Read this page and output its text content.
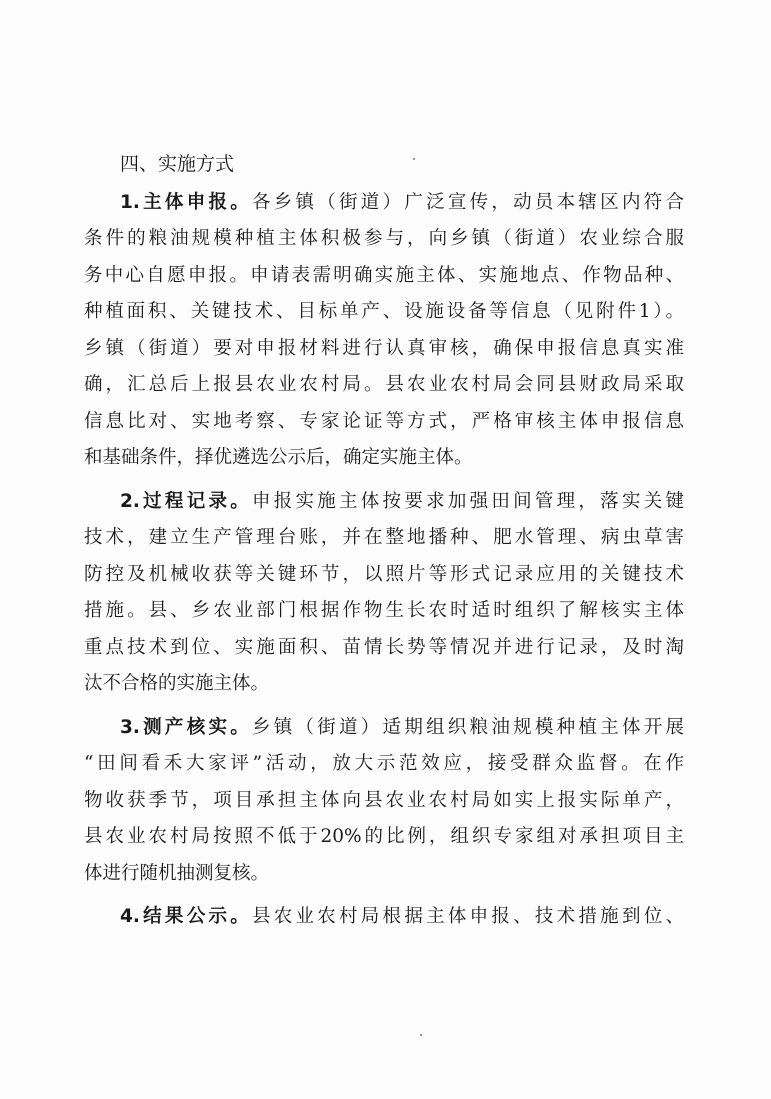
四、实施方式
1.主体申报。各乡镇（街道）广泛宣传，动员本辖区内符合
条件的粮油规模种植主体积极参与，向乡镇（街道）农业综合服
务中心自愿申报。申请表需明确实施主体、实施地点、作物品种、
种植面积、关键技术、目标单产、设施设备等信息（见附件1）。
乡镇（街道）要对申报材料进行认真审核，确保申报信息真实准
确，汇总后上报县农业农村局。县农业农村局会同县财政局采取
信息比对、实地考察、专家论证等方式，严格审核主体申报信息
和基础条件，择优遴选公示后，确定实施主体。
2.过程记录。申报实施主体按要求加强田间管理，落实关键
技术，建立生产管理台账，并在整地播种、肥水管理、病虫草害
防控及机械收获等关键环节，以照片等形式记录应用的关键技术
措施。县、乡农业部门根据作物生长农时适时组织了解核实主体
重点技术到位、实施面积、苗情长势等情况并进行记录，及时淘
汰不合格的实施主体。
3.测产核实。乡镇（街道）适期组织粮油规模种植主体开展
“田间看禾大家评”活动，放大示范效应，接受群众监督。在作
物收获季节，项目承担主体向县农业农村局如实上报实际单产，
县农业农村局按照不低于20%的比例，组织专家组对承担项目主
体进行随机抽测复核。
4.结果公示。县农业农村局根据主体申报、技术措施到位、
